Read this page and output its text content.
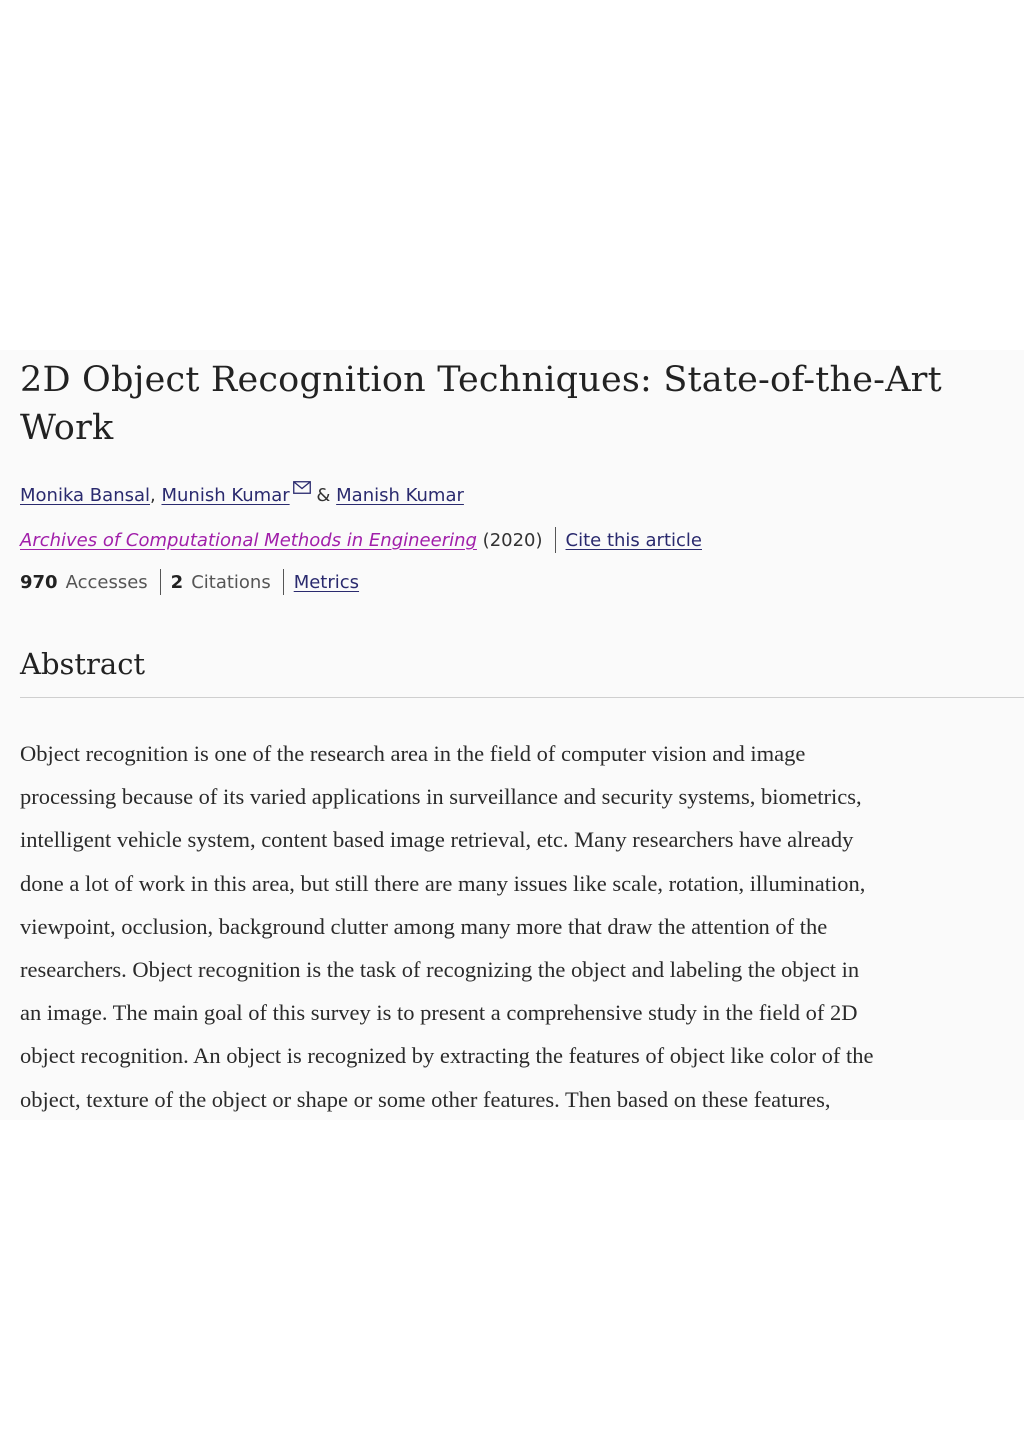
2D Object Recognition Techniques: State-of-the-Art Work
Monika Bansal, Munish Kumar & Manish Kumar
Archives of Computational Methods in Engineering (2020) Cite this article
970 Accesses 2 Citations Metrics
Abstract

Object recognition is one of the research area in the field of computer vision and image
processing because of its varied applications in surveillance and security systems, biometrics,
intelligent vehicle system, content based image retrieval, etc. Many researchers have already
done a lot of work in this area, but still there are many issues like scale, rotation, illumination,
viewpoint, occlusion, background clutter among many more that draw the attention of the
researchers. Object recognition is the task of recognizing the object and labeling the object in
an image. The main goal of this survey is to present a comprehensive study in the field of 2D
object recognition. An object is recognized by extracting the features of object like color of the
object, texture of the object or shape or some other features. Then based on these features,
